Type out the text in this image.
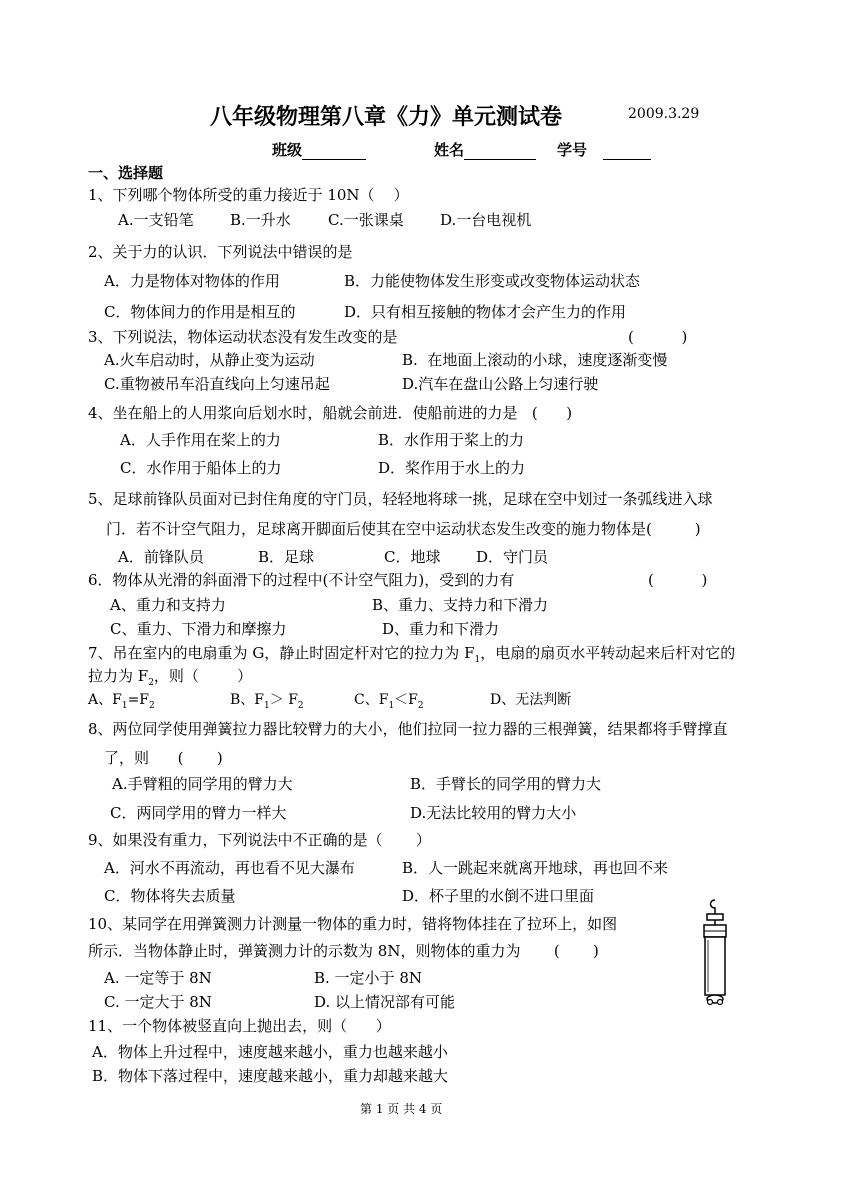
八年级物理第八章《力》单元测试卷	2009.3.29
班级	姓名	学号
一、选择题
1、下列哪个物体所受的重力接近于 10N（    ）
A.一支铅笔 B.一升水 C.一张课桌 D.一台电视机
2、关于力的认识．下列说法中错误的是
A．力是物体对物体的作用	B．力能使物体发生形变或改变物体运动状态
C．物体间力的作用是相互的	D．只有相互接触的物体才会产生力的作用
3、下列说法，物体运动状态没有发生改变的是	(          )
A.火车启动时，从静止变为运动	B.  在地面上滚动的小球，速度逐渐变慢
C.重物被吊车沿直线向上匀速吊起	D.汽车在盘山公路上匀速行驶
4、坐在船上的人用浆向后划水时，船就会前进．使船前进的力是   (      )
A．人手作用在桨上的力	B．水作用于桨上的力
C．水作用于船体上的力	D．桨作用于水上的力
5、足球前锋队员面对已封住角度的守门员，轻轻地将球一挑，足球在空中划过一条弧线进入球
门．若不计空气阻力，足球离开脚面后使其在空中运动状态发生改变的施力物体是(         )
A．前锋队员	B．足球	C．地球 D．守门员
6．物体从光滑的斜面滑下的过程中(不计空气阻力)，受到的力有	(          )
A、重力和支持力	B、重力、支持力和下滑力
C、重力、下滑力和摩擦力	D、重力和下滑力
7、吊在室内的电扇重为 G，静止时固定杆对它的拉力为 $F_1$，电扇的扇页水平转动起来后杆对它的
拉力为 $F_2$，则（        ）
A、$F_1=F_2$	B、$F_1> F_2$	C、$F_1<F_2$	D、无法判断
8、两位同学使用弹簧拉力器比较臂力的大小，他们拉同一拉力器的三根弹簧，结果都将手臂撑直
了，则      (       )
A.手臂粗的同学用的臂力大	B．手臂长的同学用的臂力大
C．两同学用的臂力一样大	D.无法比较用的臂力大小
9、如果没有重力，下列说法中不正确的是（       ）
A．河水不再流动，再也看不见大瀑布	B．人一跳起来就离开地球，再也回不来
C．物体将失去质量	D．杯子里的水倒不进口里面
10、某同学在用弹簧测力计测量一物体的重力时，错将物体挂在了拉环上，如图
所示．当物体静止时，弹簧测力计的示数为 8N，则物体的重力为       (       )
A. 一定等于 8N	B. 一定小于 8N
C. 一定大于 8N	D. 以上情况部有可能
11、一个物体被竖直向上抛出去，则（      ）
A．物体上升过程中，速度越来越小，重力也越来越小
B．物体下落过程中，速度越来越小，重力却越来越大
第 1 页 共 4 页
